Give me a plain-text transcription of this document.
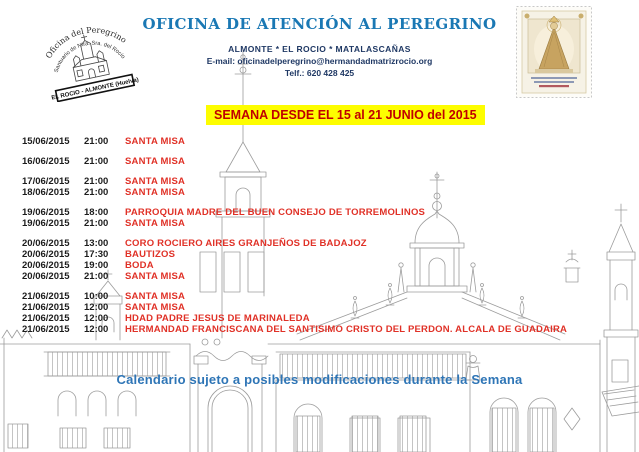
Oficina del Peregrino
Santuario de Ntra. Sra. del Rocío
EL ROCIO - ALMONTE (Huelva)
OFICINA DE ATENCIÓN AL PEREGRINO
ALMONTE * EL ROCIO * MATALASCAÑAS
E-mail: oficinadelperegrino@hermandadmatrizrocio.org
Telf.: 620 428 425
SEMANA DESDE EL 15 al 21 JUNIO del 2015
15/06/2015	21:00	SANTA MISA
16/06/2015	21:00	SANTA MISA
17/06/2015	21:00	SANTA MISA
18/06/2015	21:00	SANTA MISA
19/06/2015	18:00	PARROQUIA MADRE DEL BUEN CONSEJO DE TORREMOLINOS
19/06/2015	21:00	SANTA MISA
20/06/2015	13:00	CORO ROCIERO AIRES GRANJEÑOS DE BADAJOZ
20/06/2015	17:30	BAUTIZOS
20/06/2015	19:00	BODA
20/06/2015	21:00	SANTA MISA
21/06/2015	10:00	SANTA MISA
21/06/2015	12:00	SANTA MISA
21/06/2015	12:00	HDAD PADRE JESUS DE MARINALEDA
21/06/2015	12:00	HERMANDAD FRANCISCANA DEL SANTISIMO CRISTO DEL PERDON. ALCALA DE GUADAIRA
Calendario sujeto a posibles modificaciones durante la Semana
